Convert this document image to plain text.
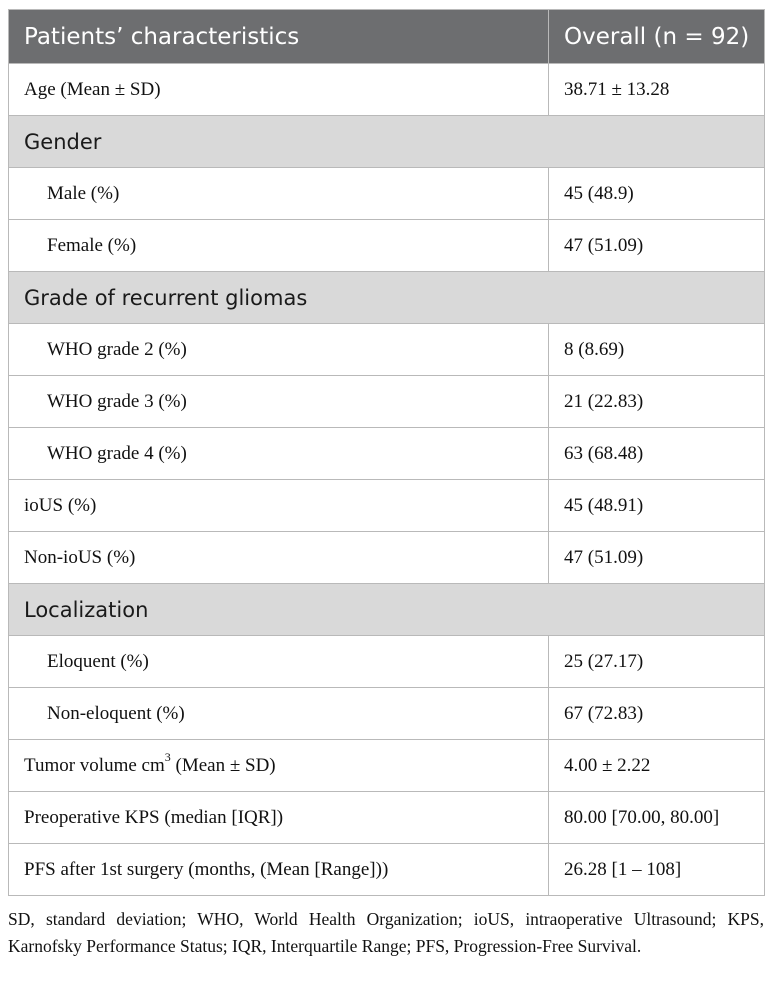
Patients’ characteristics	Overall (n = 92)
Age (Mean ± SD)	38.71 ± 13.28
Gender	
Male (%)	45 (48.9)
Female (%)	47 (51.09)
Grade of recurrent gliomas	
WHO grade 2 (%)	8 (8.69)
WHO grade 3 (%)	21 (22.83)
WHO grade 4 (%)	63 (68.48)
ioUS (%)	45 (48.91)
Non-ioUS (%)	47 (51.09)
Localization	
Eloquent (%)	25 (27.17)
Non-eloquent (%)	67 (72.83)
Tumor volume $cm^3$ (Mean ± SD)	4.00 ± 2.22
Preoperative KPS (median [IQR])	80.00 [70.00, 80.00]
PFS after 1st surgery (months, (Mean [Range]))	26.28 [1 – 108]
SD, standard deviation; WHO, World Health Organization; ioUS, intraoperative Ultrasound; KPS, Karnofsky Performance Status; IQR, Interquartile Range; PFS, Progression-Free Survival.
